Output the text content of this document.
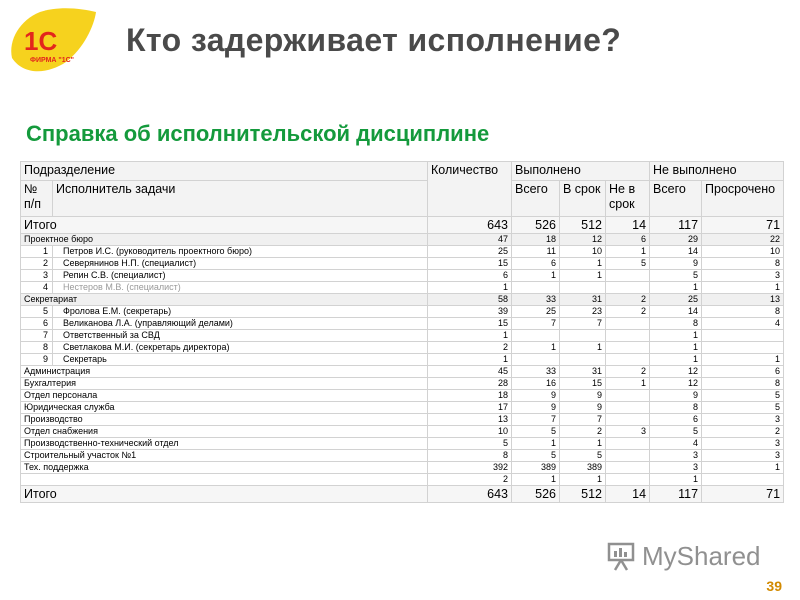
1С
ФИРМА "1С"
Кто задерживает исполнение?
Справка об исполнительской дисциплине
Подразделение		Количество	Выполнено			Не выполнено	
№ п/п	Исполнитель задачи		Всего	В срок	Не в срок	Всего	Просрочено
Итого		643	526	512	14	117	71
Проектное бюро		47	18	12	6	29	22
1	Петров И.С. (руководитель проектного бюро)	25	11	10	1	14	10
2	Северянинов Н.П. (специалист)	15	6	1	5	9	8
3	Репин С.В. (специалист)	6	1	1		5	3
4	Нестеров М.В. (специалист)	1				1	1
Секретариат		58	33	31	2	25	13
5	Фролова Е.М. (секретарь)	39	25	23	2	14	8
6	Великанова Л.А. (управляющий делами)	15	7	7		8	4
7	Ответственный за СВД	1				1	
8	Светлакова М.И. (секретарь директора)	2	1	1		1	
9	Секретарь	1				1	1
Администрация		45	33	31	2	12	6
Бухгалтерия		28	16	15	1	12	8
Отдел персонала		18	9	9		9	5
Юридическая служба		17	9	9		8	5
Производство		13	7	7		6	3
Отдел снабжения		10	5	2	3	5	2
Производственно-технический отдел		5	1	1		4	3
Строительный участок №1		8	5	5		3	3
Тех. поддержка		392	389	389		3	1
		2	1	1		1	
Итого		643	526	512	14	117	71
MyShared
39
